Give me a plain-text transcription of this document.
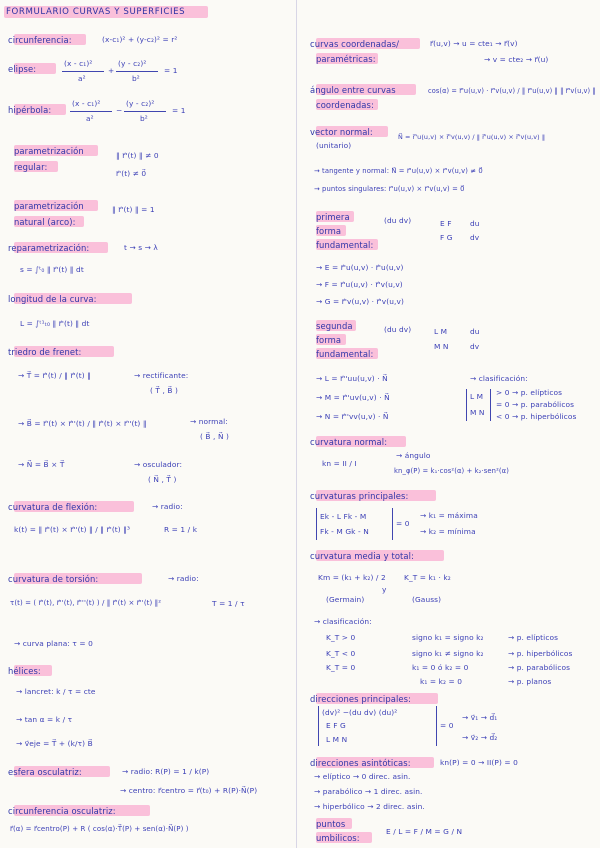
FORMULARIO CURVAS Y SUPERFICIES
circunferencia:	(x-c₁)² + (y-c₂)² = r²
elipse:
(x - c₁)²
a²
+
(y - c₂)²
b²
= 1
hipérbola:
(x - c₁)²
a²
−
(y - c₂)²
b²
= 1
parametrización
regular:
‖ r⃗'(t) ‖ ≠ 0
r⃗'(t) ≠ 0⃗
parametrización
natural (arco):
‖ r⃗'(t) ‖ = 1
reparametrización:	t → s → λ
s = ∫ᵗ₀ ‖ r⃗'(t) ‖ dt
longitud de la curva:
L = ∫ᵗ¹ₜ₀ ‖ r⃗'(t) ‖ dt
triedro de frenet:
→ T⃗ = r⃗'(t) / ‖ r⃗'(t) ‖	→ rectificante:
( T⃗ , B⃗ )
→ B⃗ = r⃗'(t) × r⃗''(t) / ‖ r⃗'(t) × r⃗''(t) ‖	→ normal:
( B⃗ , N⃗ )
→ N⃗ = B⃗ × T⃗	→ osculador:
( N⃗ , T⃗ )
curvatura de flexión:	→ radio:
k(t) = ‖ r⃗'(t) × r⃗''(t) ‖ / ‖ r⃗'(t) ‖³	R = 1 / k
curvatura de torsión:	→ radio:
τ(t) = ( r⃗'(t), r⃗''(t), r⃗'''(t) ) / ‖ r⃗'(t) × r⃗''(t) ‖²	T = 1 / τ
→ curva plana: τ = 0
hélices:
→ lancret: k / τ = cte
→ tan α = k / τ
→ v⃗eje = T⃗ + (k/τ) B⃗
esfera osculatriz:	→ radio: R(P) = 1 / k(P)
→ centro: r⃗centro = r⃗(t₀) + R(P)·N⃗(P)
circunferencia osculatriz:
r⃗(α) = r⃗centro(P) + R ( cos(α)·T⃗(P) + sen(α)·N⃗(P) )
curvas coordenadas/
paramétricas:
r⃗(u,v) → u = cte₁ → r⃗(v)
→ v = cte₂ → r⃗(u)
ángulo entre curvas
coordenadas:
cos(α) = r⃗'u(u,v) · r⃗'v(u,v) / ‖ r⃗'u(u,v) ‖ ‖ r⃗'v(u,v) ‖
vector normal:
(unitario)
N⃗ = r⃗'u(u,v) × r⃗'v(u,v) / ‖ r⃗'u(u,v) × r⃗'v(u,v) ‖
→ tangente y normal: N⃗ = r⃗'u(u,v) × r⃗'v(u,v) ≠ 0⃗
→ puntos singulares: r⃗'u(u,v) × r⃗'v(u,v) = 0⃗
primera
forma
fundamental:
(du dv)	E F
F G
du
dv
→ E = r⃗'u(u,v) · r⃗'u(u,v)
→ F = r⃗'u(u,v) · r⃗'v(u,v)
→ G = r⃗'v(u,v) · r⃗'v(u,v)
segunda
forma
fundamental:
(du dv)	L M
M N
du
dv
→ L = r⃗''uu(u,v) · N⃗
→ M = r⃗''uv(u,v) · N⃗
→ N = r⃗''vv(u,v) · N⃗
→ clasificación:
L M
M N
> 0 → p. elípticos
= 0 → p. parabólicos
< 0 → p. hiperbólicos
curvatura normal:
kn = II / I
→ ángulo
kn_φ(P) = k₁·cos²(α) + k₂·sen²(α)
curvaturas principales:
Ek - L Fk - M
Fk - M Gk - N
= 0
→ k₁ = máxima
→ k₂ = mínima
curvatura media y total:
Km = (k₁ + k₂) / 2 K_T = k₁ · k₂
y
(Germain)	(Gauss)
→ clasificación:
K_T > 0	signo k₁ = signo k₂	→ p. elípticos
K_T < 0	signo k₁ ≠ signo k₂	→ p. hiperbólicos
K_T = 0	k₁ = 0 ó k₂ = 0	→ p. parabólicos
k₁ = k₂ = 0	→ p. planos
direcciones principales:
(dv)² −(du dv) (du)²
E F G
L M N
= 0
→ v⃗₁ → d⃗₁
→ v⃗₂ → d⃗₂
direcciones asintóticas:	kn(P) = 0 → II(P) = 0
→ elíptico → 0 direc. asin.
→ parabólico → 1 direc. asin.
→ hiperbólico → 2 direc. asin.
puntos
umbilicos:
E / L = F / M = G / N
